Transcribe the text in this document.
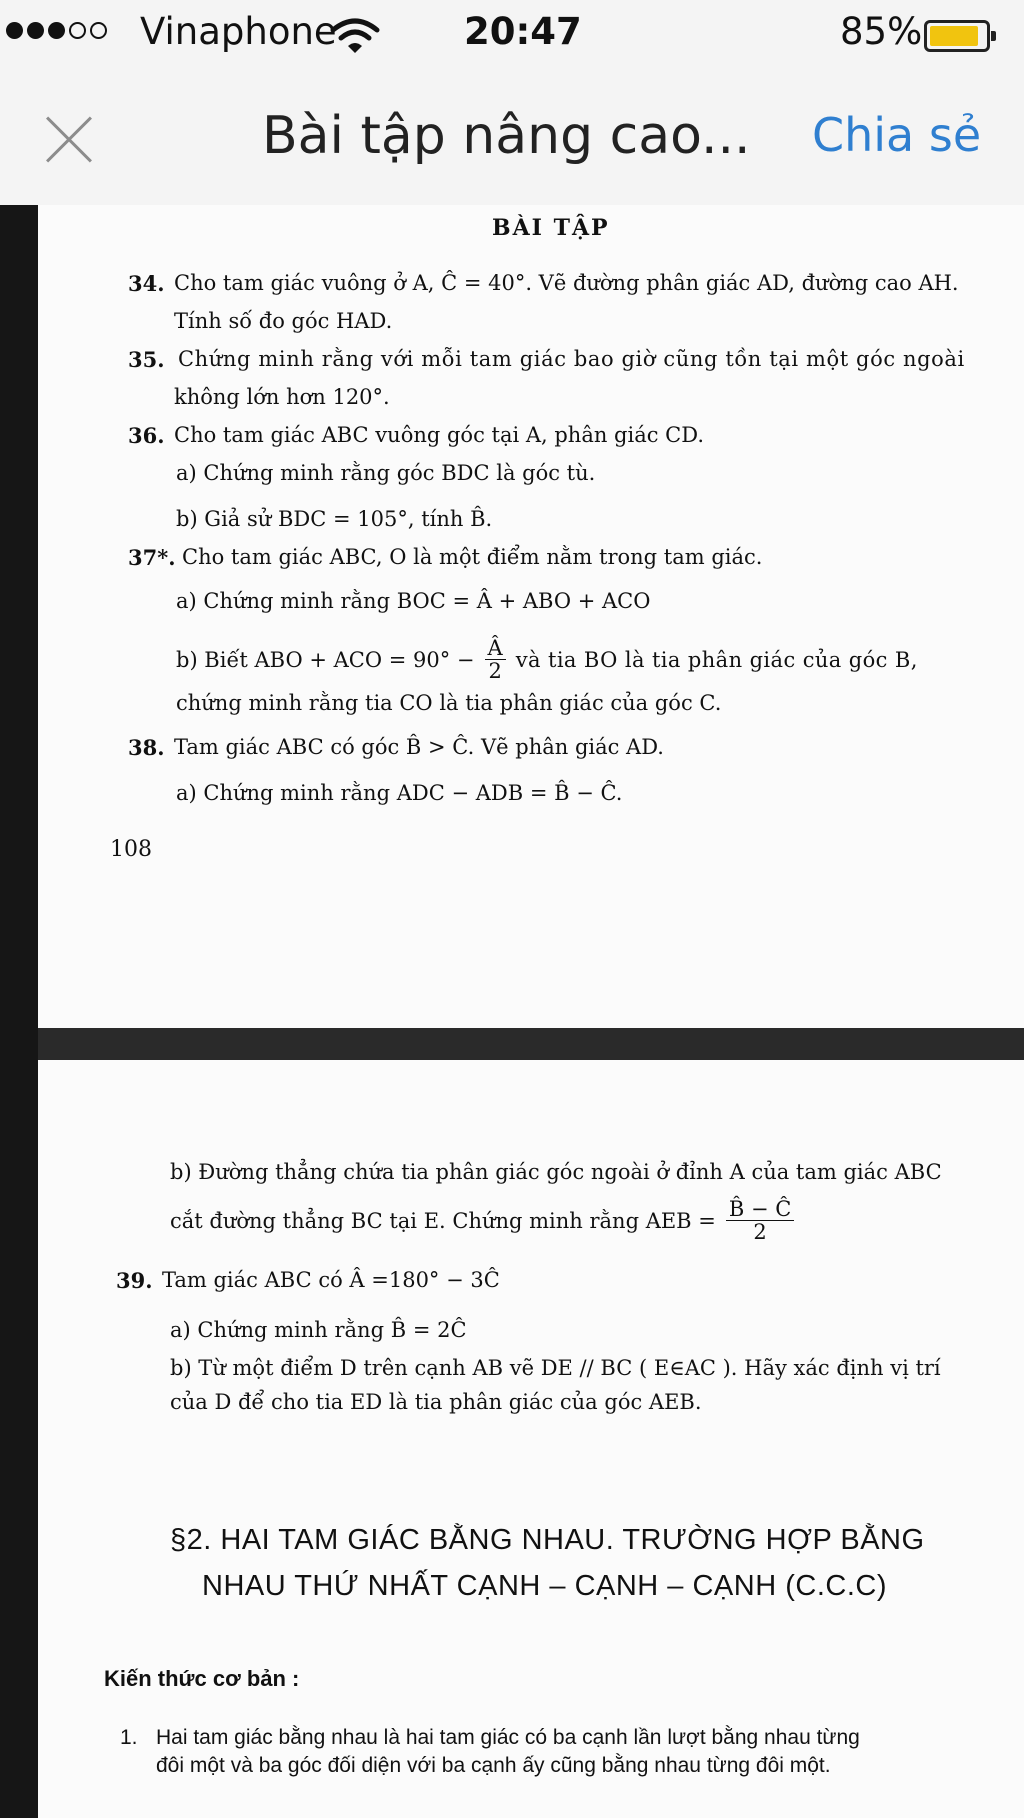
Vinaphone	20:47	85%
Bài tập nâng cao... Chia sẻ
BÀI TẬP
34. Cho tam giác vuông ở A, Ĉ = 40°. Vẽ đường phân giác AD, đường cao AH.
Tính số đo góc HAD.
35. Chứng minh rằng với mỗi tam giác bao giờ cũng tồn tại một góc ngoài
không lớn hơn 120°.
36. Cho tam giác ABC vuông góc tại A, phân giác CD.
a) Chứng minh rằng góc BDC là góc tù.
b) Giả sử BDC = 105°, tính B̂.
37*. Cho tam giác ABC, O là một điểm nằm trong tam giác.
a) Chứng minh rằng BOC = Â + ABO + ACO
b) Biết ABO + ACO = $90^\circ - \frac{Â}{2}$ và tia BO là tia phân giác của góc B,
chứng minh rằng tia CO là tia phân giác của góc C.
38. Tam giác ABC có góc B̂ > Ĉ. Vẽ phân giác AD.
a) Chứng minh rằng ADC − ADB = B̂ − Ĉ.
108
b) Đường thẳng chứa tia phân giác góc ngoài ở đỉnh A của tam giác ABC
cắt đường thẳng BC tại E. Chứng minh rằng AEB = $\frac{B̂ - Ĉ}{2}$
39. Tam giác ABC có Â =180° − 3Ĉ
a) Chứng minh rằng B̂ = 2Ĉ
b) Từ một điểm D trên cạnh AB vẽ DE // BC ( E∈AC ). Hãy xác định vị trí
của D để cho tia ED là tia phân giác của góc AEB.
§2. HAI TAM GIÁC BẰNG NHAU. TRƯỜNG HỢP BẰNG
NHAU THỨ NHẤT CẠNH – CẠNH – CẠNH (C.C.C)
Kiến thức cơ bản :
1. Hai tam giác bằng nhau là hai tam giác có ba cạnh lần lượt bằng nhau từng
đôi một và ba góc đối diện với ba cạnh ấy cũng bằng nhau từng đôi một.
